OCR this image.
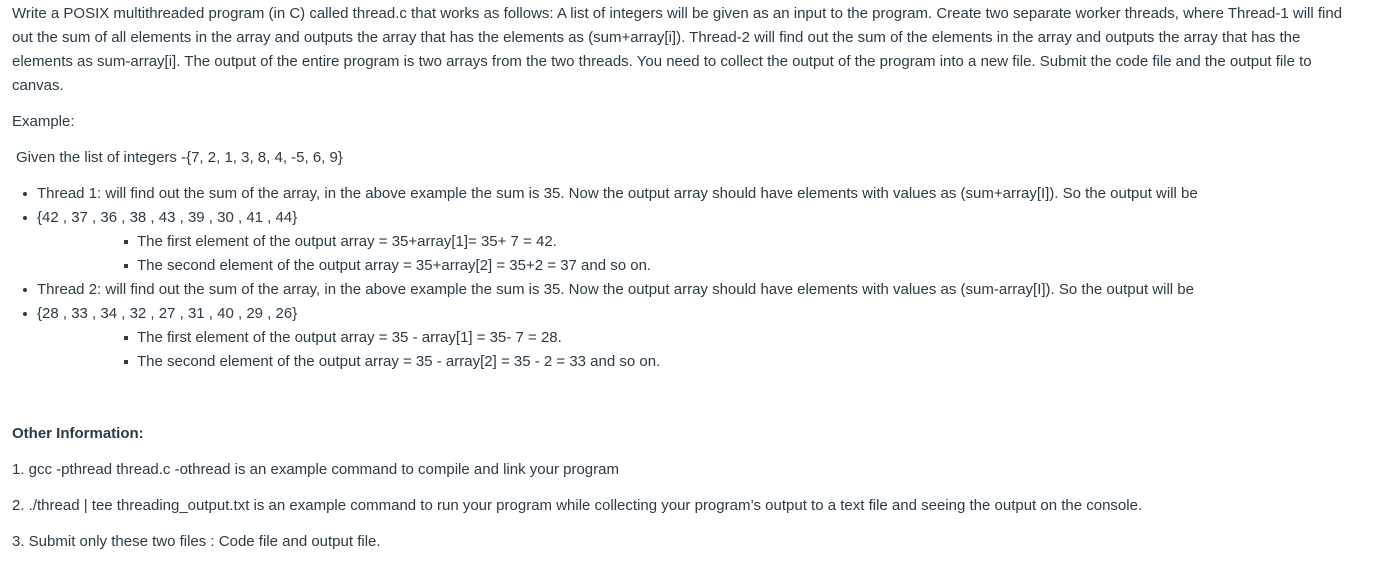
Write a POSIX multithreaded program (in C) called thread.c that works as follows: A list of integers will be given as an input to the program. Create two separate worker threads, where Thread-1 will find out the sum of all elements in the array and outputs the array that has the elements as (sum+array[i]). Thread-2 will find out the sum of the elements in the array and outputs the array that has the elements as sum-array[i]. The output of the entire program is two arrays from the two threads. You need to collect the output of the program into a new file. Submit the code file and the output file to canvas.

Example:

Given the list of integers -{7, 2, 1, 3, 8, 4, -5, 6, 9}

Thread 1: will find out the sum of the array, in the above example the sum is 35. Now the output array should have elements with values as (sum+array[I]). So the output will be
{42 , 37 , 36 , 38 , 43 , 39 , 30 , 41 , 44}
The first element of the output array = 35+array[1]= 35+ 7 = 42.
The second element of the output array = 35+array[2] = 35+2 = 37 and so on.
Thread 2: will find out the sum of the array, in the above example the sum is 35. Now the output array should have elements with values as (sum-array[I]). So the output will be
{28 , 33 , 34 , 32 , 27 , 31 , 40 , 29 , 26}
The first element of the output array = 35 - array[1] = 35- 7 = 28.
The second element of the output array = 35 - array[2] = 35 - 2 = 33 and so on.

Other Information:

1. gcc -pthread thread.c -othread is an example command to compile and link your program

2. ./thread | tee threading_output.txt is an example command to run your program while collecting your program’s output to a text file and seeing the output on the console.

3. Submit only these two files : Code file and output file.
